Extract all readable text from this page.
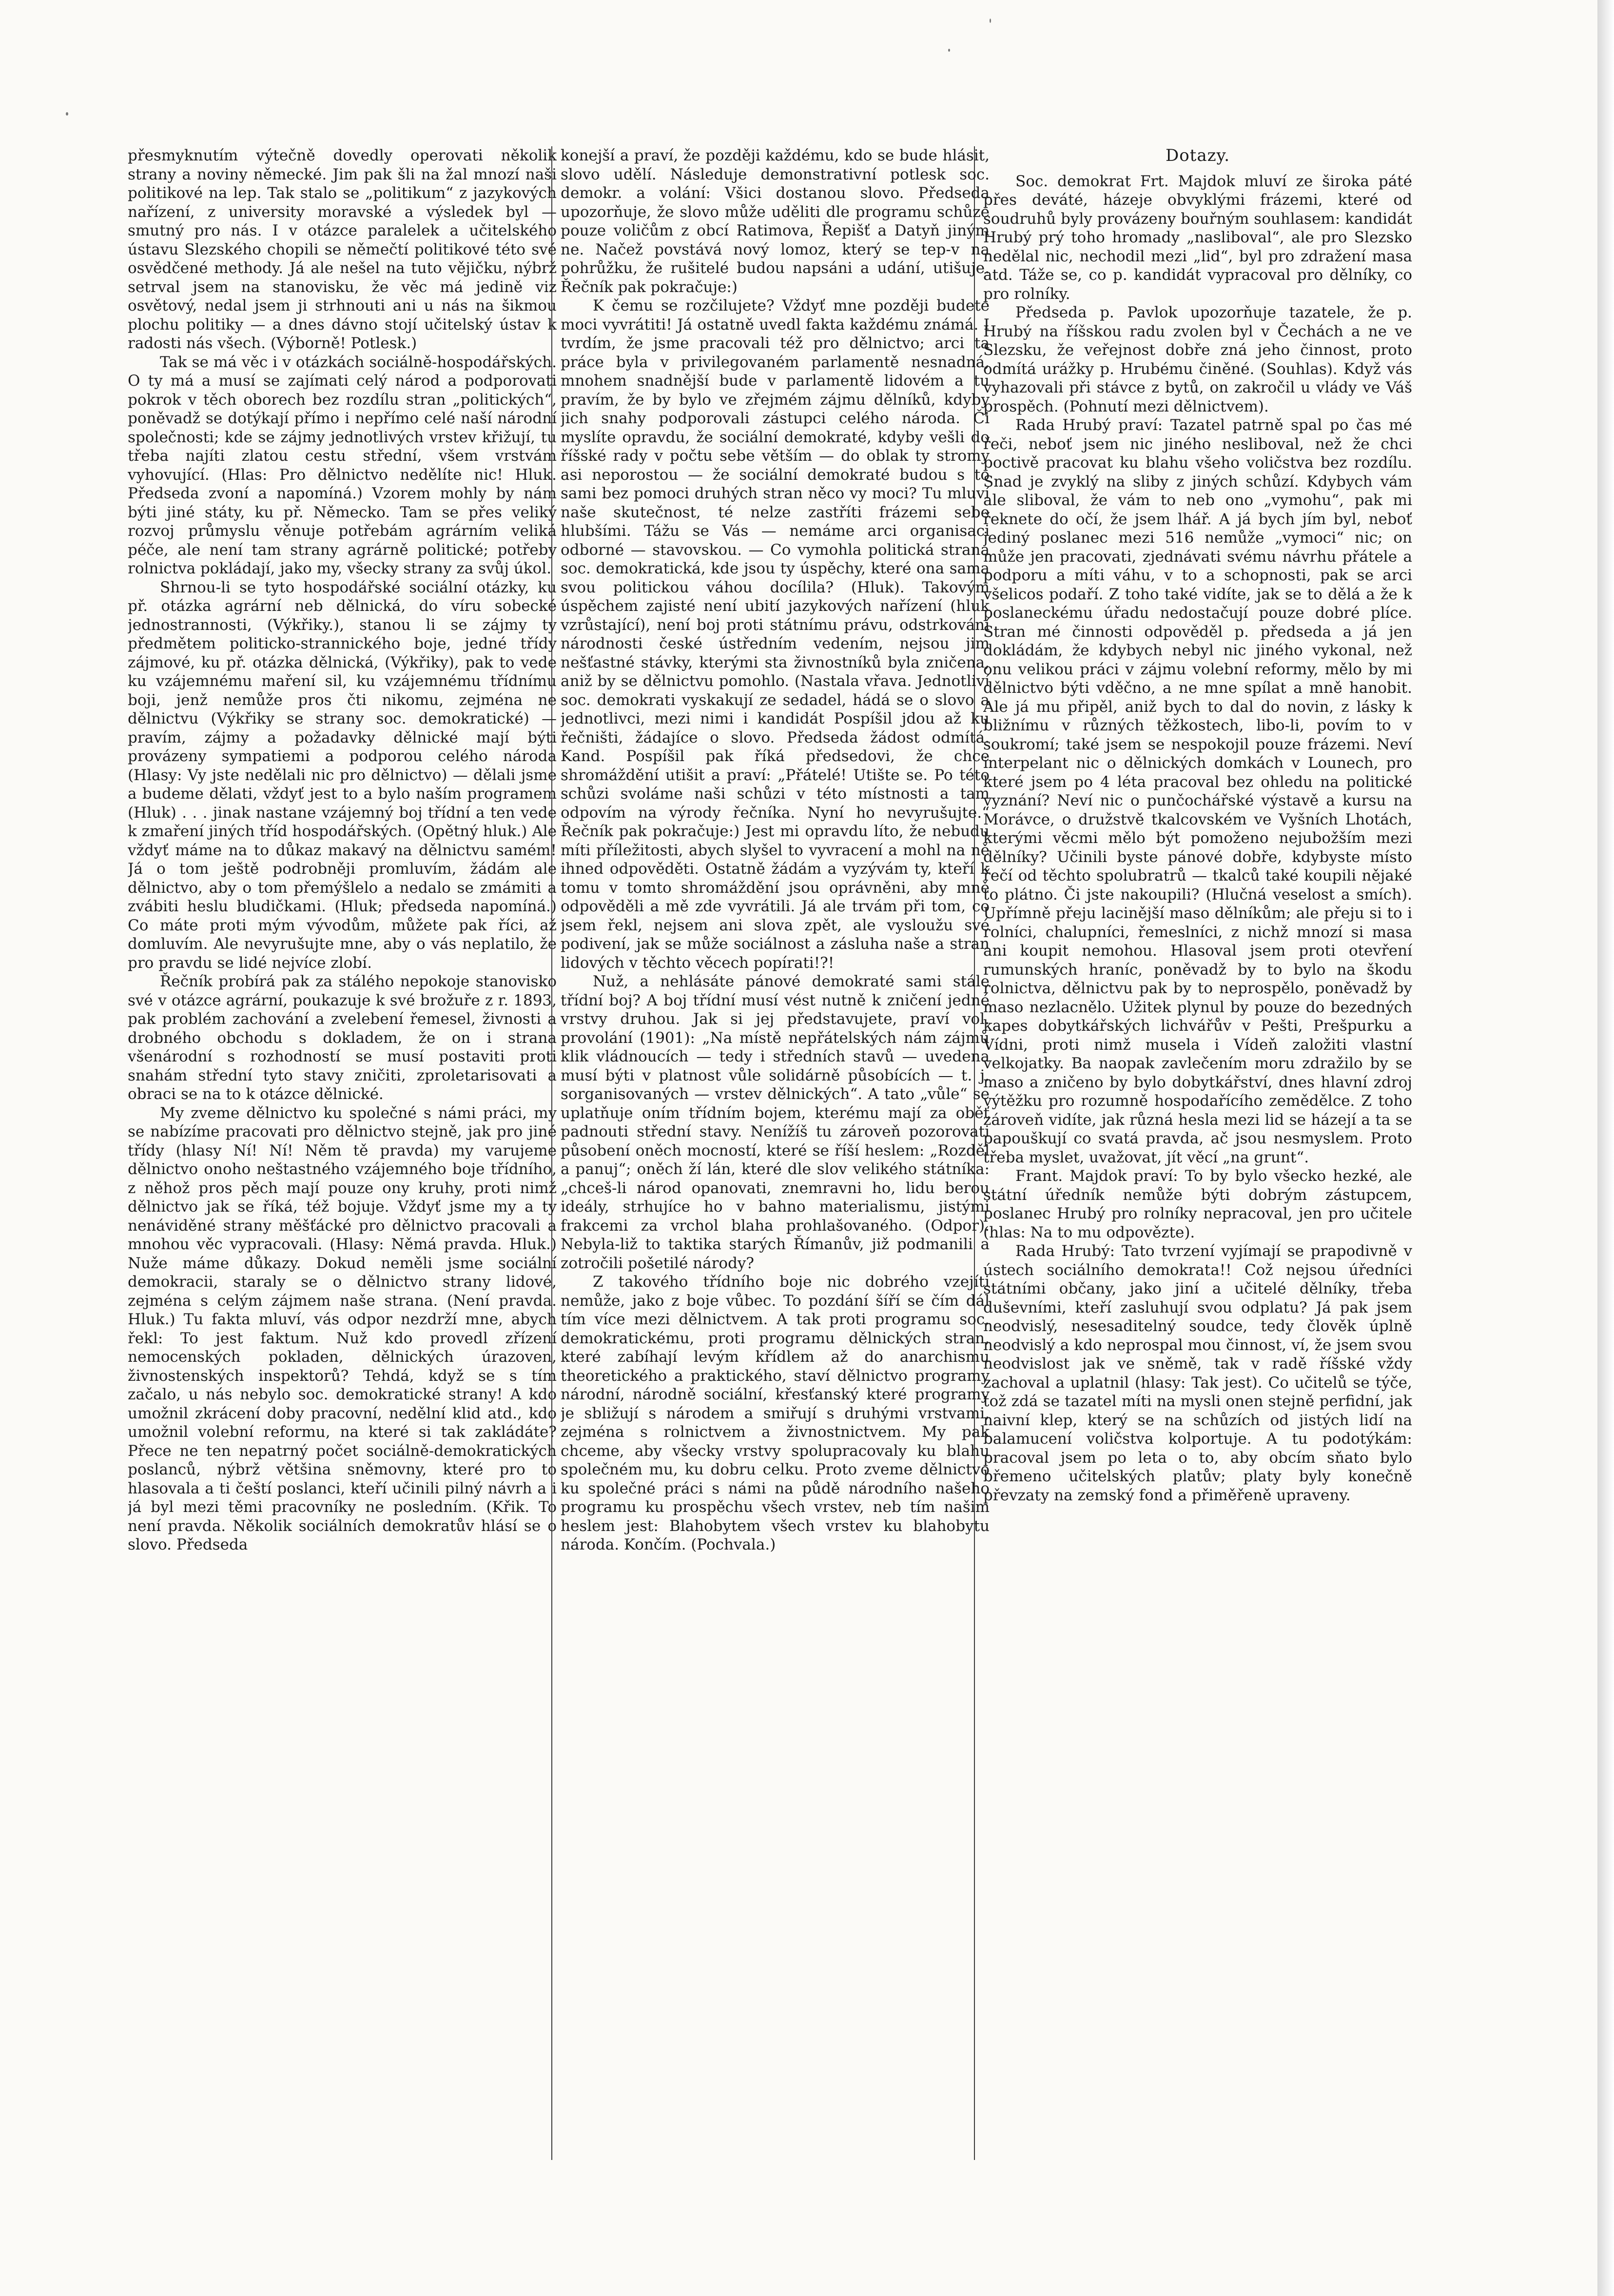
přesmyknutím výtečně dovedly operovati několik strany a noviny německé. Jim pak šli na žal mnozí naši politikové na lep. Tak stalo se „politikum“ z jazykových nařízení, z university moravské a výsledek byl — smutný pro nás. I v otázce paralelek a učitelského ústavu Slezského chopili se němečtí politikové této své osvědčené methody. Já ale nešel na tuto vějičku, nýbrž setrval jsem na stanovisku, že věc má jedině viz osvětový, nedal jsem ji strhnouti ani u nás na šikmou plochu politiky — a dnes dávno stojí učitelský ústav k radosti nás všech. (Výborně! Potlesk.)

Tak se má věc i v otázkách sociálně-hospodářských. O ty má a musí se zajímati celý národ a podporovati pokrok v těch oborech bez rozdílu stran „politických“, poněvadž se dotýkají přímo i nepřímo celé naší národní společnosti; kde se zájmy jednotlivých vrstev křižují, tu třeba najíti zlatou cestu střední, všem vrstvám vyhovující. (Hlas: Pro dělnictvo nedělíte nic! Hluk. Předseda zvoní a napomíná.) Vzorem mohly by nám býti jiné státy, ku př. Německo. Tam se přes veliký rozvoj průmyslu věnuje potřebám agrárním veliká péče, ale není tam strany agrárně politické; potřeby rolnictva pokládají, jako my, všecky strany za svůj úkol.

Shrnou-li se tyto hospodářské sociální otázky, ku př. otázka agrární neb dělnická, do víru sobecké jednostrannosti, (Výkřiky.), stanou li se zájmy ty předmětem politicko-strannického boje, jedné třídy zájmové, ku př. otázka dělnická, (Výkřiky), pak to vede ku vzájemnému maření sil, ku vzájemnému třídnímu boji, jenž nemůže pros čti nikomu, zejména ne dělnictvu (Výkřiky se strany soc. demokratické) — pravím, zájmy a požadavky dělnické mají býti provázeny sympatiemi a podporou celého národa (Hlasy: Vy jste nedělali nic pro dělnictvo) — dělali jsme a budeme dělati, vždyť jest to a bylo naším programem (Hluk) . . . jinak nastane vzájemný boj třídní a ten vede k zmaření jiných tříd hospodářských. (Opětný hluk.) Ale vždyť máme na to důkaz makavý na dělnictvu samém! Já o tom ještě podrobněji promluvím, žádám ale dělnictvo, aby o tom přemýšlelo a nedalo se zmámiti a zvábiti heslu bludičkami. (Hluk; předseda napomíná.) Co máte proti mým vývodům, můžete pak říci, až domluvím. Ale nevyrušujte mne, aby o vás neplatilo, že pro pravdu se lidé nejvíce zlobí.

Řečník probírá pak za stálého nepokoje stanovisko své v otázce agrární, poukazuje k své brožuře z r. 1893, pak problém zachování a zvelebení řemesel, živnosti a drobného obchodu s dokladem, že on i strana všenárodní s rozhodností se musí postaviti proti snahám střední tyto stavy zničiti, zproletarisovati a obraci se na to k otázce dělnické.

My zveme dělnictvo ku společné s námi práci, my se nabízíme pracovati pro dělnictvo stejně, jak pro jiné třídy (hlasy Ní! Ní! Něm tě pravda) my varujeme dělnictvo onoho neštastného vzájemného boje třídního, z něhož pros pěch mají pouze ony kruhy, proti nimž dělnictvo jak se říká, též bojuje. Vždyť jsme my a ty nenáviděné strany měšťácké pro dělnictvo pracovali a mnohou věc vypracovali. (Hlasy: Němá pravda. Hluk.) Nuže máme důkazy. Dokud neměli jsme sociální demokracii, staraly se o dělnictvo strany lidové, zejména s celým zájmem naše strana. (Není pravda. Hluk.) Tu fakta mluví, vás odpor nezdrží mne, abych řekl: To jest faktum. Nuž kdo provedl zřízení nemocenských pokladen, dělnických úrazoven, živnostenských inspektorů? Tehdá, když se s tím začalo, u nás nebylo soc. demokratické strany! A kdo umožnil zkrácení doby pracovní, nedělní klid atd., kdo umožnil volební reformu, na které si tak zakládáte? Přece ne ten nepatrný počet sociálně-demokratických poslanců, nýbrž většina sněmovny, které pro to hlasovala a ti čeští poslanci, kteří učinili pilný návrh a i já byl mezi těmi pracovníky ne posledním. (Křik. To není pravda. Několik sociálních demokratův hlásí se o slovo. Předseda

konejší a praví, že později každému, kdo se bude hlásit, slovo udělí. Následuje demonstrativní potlesk soc. demokr. a volání: Všici dostanou slovo. Předseda upozorňuje, že slovo může uděliti dle programu schůze pouze voličům z obcí Ratimova, Řepišť a Datyň jiným ne. Načež povstává nový lomoz, který se tep-v na pohrůžku, že rušitelé budou napsáni a udání, utišuje. Řečník pak pokračuje:)

K čemu se rozčilujete? Vždyť mne později budete moci vyvrátiti! Já ostatně uvedl fakta každému známá. I tvrdím, že jsme pracovali též pro dělnictvo; arci ta práce byla v privilegovaném parlamentě nesnadná, mnohem snadnější bude v parlamentě lidovém a tu pravím, že by bylo ve zřejmém zájmu dělníků, kdyby jich snahy podporovali zástupci celého národa. Či myslíte opravdu, že sociální demokraté, kdyby vešli do říšské rady v počtu sebe větším — do oblak ty stromy asi neporostou — že sociální demokraté budou s to sami bez pomoci druhých stran něco vy moci? Tu mluví naše skutečnost, té nelze zastříti frázemi sebe hlubšími. Tážu se Vás — nemáme arci organisaci odborné — stavovskou. — Co vymohla politická strana soc. demokratická, kde jsou ty úspěchy, které ona sama svou politickou váhou docílila? (Hluk). Takovým úspěchem zajisté není ubití jazykových nařízení (hluk vzrůstající), není boj proti státnímu právu, odstrkování národnosti české ústředním vedením, nejsou jim nešťastné stávky, kterými sta živnostníků byla zničena, aniž by se dělnictvu pomohlo. (Nastala vřava. Jednotliví soc. demokrati vyskakují ze sedadel, hádá se o slovo a jednotlivci, mezi nimi i kandidát Pospíšil jdou až ku řečništi, žádajíce o slovo. Předseda žádost odmítá. Kand. Pospíšil pak říká předsedovi, že chce shromáždění utišit a praví: „Přátelé! Utište se. Po této schůzi svoláme naši schůzi v této místnosti a tam odpovím na výrody řečníka. Nyní ho nevyrušujte.“ Řečník pak pokračuje:) Jest mi opravdu líto, že nebudu míti příležitosti, abych slyšel to vyvracení a mohl na ně ihned odpověděti. Ostatně žádám a vyzývám ty, kteří k tomu v tomto shromáždění jsou oprávněni, aby mně odpověděli a mě zde vyvrátili. Já ale trvám při tom, co jsem řekl, nejsem ani slova zpět, ale vysloužu své podivení, jak se může sociálnost a zásluha naše a stran lidových v těchto věcech popírati!?!

Nuž, a nehlásáte pánové demokraté sami stále třídní boj? A boj třídní musí vést nutně k zničení jedné vrstvy druhou. Jak si jej představujete, praví vol. provolání (1901): „Na místě nepřátelských nám zájmů klik vládnoucích — tedy i středních stavů — uvedena musí býti v platnost vůle solidárně působících — t. j. sorganisovaných — vrstev dělnických“. A tato „vůle“ se uplatňuje oním třídním bojem, kterému mají za oběť padnouti střední stavy. Nenížíš tu zároveň pozorovati působení oněch mocností, které se říší heslem: „Rozděl a panuj“; oněch ží lán, které dle slov velikého státníka: „chceš-li národ opanovati, znemravni ho, lidu berou ideály, strhujíce ho v bahno materialismu, jistými frakcemi za vrchol blaha prohlašovaného. (Odpor). Nebyla-liž to taktika starých Římanův, již podmanili a zotročili pošetilé národy?

Z takového třídního boje nic dobrého vzejíti nemůže, jako z boje vůbec. To pozdání šíří se čím dál tím více mezi dělnictvem. A tak proti programu soc. demokratickému, proti programu dělnických stran, které zabíhají levým křídlem až do anarchismu theoretického a praktického, staví dělnictvo programy národní, národně sociální, křesťanský které programy je sbližují s národem a smiřují s druhými vrstvami, zejména s rolnictvem a živnostnictvem. My pak chceme, aby všecky vrstvy spolupracovaly ku blahu společném mu, ku dobru celku. Proto zveme dělnictvo ku společné práci s námi na půdě národního našeho programu ku prospěchu všech vrstev, neb tím našim heslem jest: Blahobytem všech vrstev ku blahobytu národa. Končím. (Pochvala.)

Dotazy.

Soc. demokrat Frt. Majdok mluví ze široka páté přes deváté, házeje obvyklými frázemi, které od soudruhů byly provázeny bouřným souhlasem: kandidát Hrubý prý toho hromady „nasliboval“, ale pro Slezsko nedělal nic, nechodil mezi „lid“, byl pro zdražení masa atd. Táže se, co p. kandidát vypracoval pro dělníky, co pro rolníky.

Předseda p. Pavlok upozorňuje tazatele, že p. Hrubý na říšskou radu zvolen byl v Čechách a ne ve Slezsku, že veřejnost dobře zná jeho činnost, proto odmítá urážky p. Hrubému činěné. (Souhlas). Když vás vyhazovali při stávce z bytů, on zakročil u vlády ve Váš prospěch. (Pohnutí mezi dělnictvem).

Rada Hrubý praví: Tazatel patrně spal po čas mé řeči, neboť jsem nic jiného nesliboval, než že chci poctivě pracovat ku blahu všeho voličstva bez rozdílu. Snad je zvyklý na sliby z jiných schůzí. Kdybych vám ale sliboval, že vám to neb ono „vymohu“, pak mi řeknete do očí, že jsem lhář. A já bych jím byl, neboť jediný poslanec mezi 516 nemůže „vymoci“ nic; on může jen pracovati, zjednávati svému návrhu přátele a podporu a míti váhu, v to a schopnosti, pak se arci všelicos podaří. Z toho také vidíte, jak se to dělá a že k poslaneckému úřadu nedostačují pouze dobré plíce. Stran mé činnosti odpověděl p. předseda a já jen dokládám, že kdybych nebyl nic jiného vykonal, než onu velikou práci v zájmu volební reformy, mělo by mi dělnictvo býti vděčno, a ne mne spílat a mně hanobit. Ale já mu připěl, aniž bych to dal do novin, z lásky k bližnímu v různých těžkostech, libo-li, povím to v soukromí; také jsem se nespokojil pouze frázemi. Neví interpelant nic o dělnických domkách v Lounech, pro které jsem po 4 léta pracoval bez ohledu na politické vyznání? Neví nic o punčochářské výstavě a kursu na Morávce, o družstvě tkalcovském ve Vyšních Lhotách, kterými věcmi mělo být pomoženo nejubožším mezi dělníky? Učinili byste pánové dobře, kdybyste místo řečí od těchto spolubratrů — tkalců také koupili nějaké to plátno. Či jste nakoupili? (Hlučná veselost a smích). Upřímně přeju lacinější maso dělníkům; ale přeju si to i rolníci, chalupníci, řemeslníci, z nichž mnozí si masa ani koupit nemohou. Hlasoval jsem proti otevření rumunských hraníc, poněvadž by to bylo na škodu rolnictva, dělnictvu pak by to neprospělo, poněvadž by maso nezlacnělo. Užitek plynul by pouze do bezedných kapes dobytkářských lichvářův v Pešti, Prešpurku a Vídni, proti nimž musela i Vídeň založiti vlastní velkojatky. Ba naopak zavlečením moru zdražilo by se maso a zničeno by bylo dobytkářství, dnes hlavní zdroj výtěžku pro rozumně hospodařícího zemědělce. Z toho zároveň vidíte, jak různá hesla mezi lid se házejí a ta se papouškují co svatá pravda, ač jsou nesmyslem. Proto třeba myslet, uvažovat, jít věcí „na grunt“.

Frant. Majdok praví: To by bylo všecko hezké, ale státní úředník nemůže býti dobrým zástupcem, poslanec Hrubý pro rolníky nepracoval, jen pro učitele (hlas: Na to mu odpovězte).

Rada Hrubý: Tato tvrzení vyjímají se prapodivně v ústech sociálního demokrata!! Což nejsou úředníci státními občany, jako jiní a učitelé dělníky, třeba duševními, kteří zasluhují svou odplatu? Já pak jsem neodvislý, nesesaditelný soudce, tedy člověk úplně neodvislý a kdo neprospal mou činnost, ví, že jsem svou neodvislost jak ve sněmě, tak v radě říšské vždy zachoval a uplatnil (hlasy: Tak jest). Co učitelů se týče, tož zdá se tazatel míti na mysli onen stejně perfidní, jak naivní klep, který se na schůzích od jistých lidí na balamucení voličstva kolportuje. A tu podotýkám: pracoval jsem po leta o to, aby obcím sňato bylo břemeno učitelských platův; platy byly konečně převzaty na zemský fond a přiměřeně upraveny.
